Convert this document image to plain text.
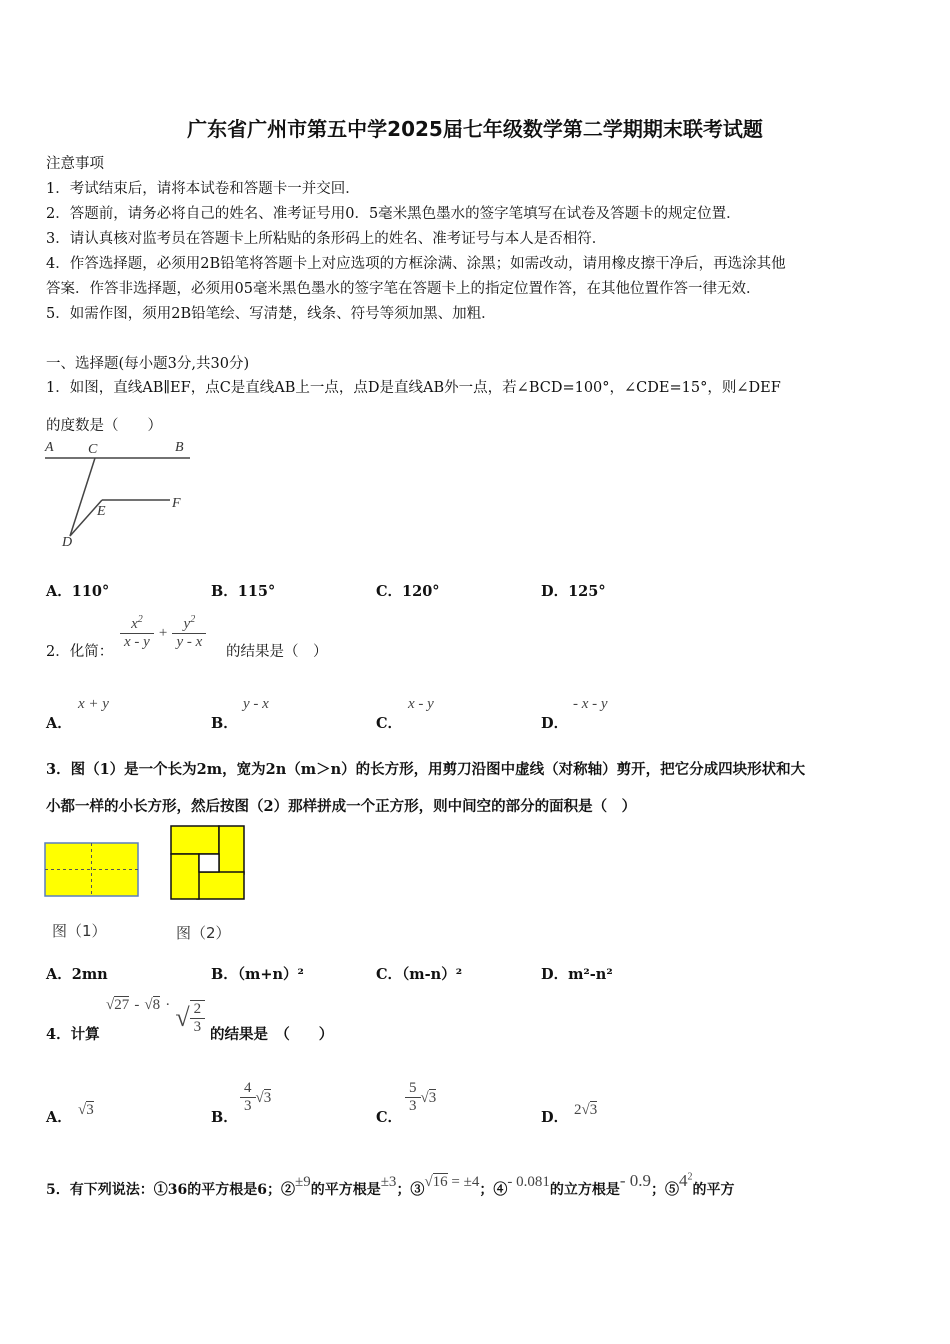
广东省广州市第五中学2025届七年级数学第二学期期末联考试题
注意事项
1．考试结束后，请将本试卷和答题卡一并交回．
2．答题前，请务必将自己的姓名、准考证号用0．5毫米黑色墨水的签字笔填写在试卷及答题卡的规定位置．
3．请认真核对监考员在答题卡上所粘贴的条形码上的姓名、准考证号与本人是否相符．
4．作答选择题，必须用2B铅笔将答题卡上对应选项的方框涂满、涂黑；如需改动，请用橡皮擦干净后，再选涂其他
答案．作答非选择题，必须用05毫米黑色墨水的签字笔在答题卡上的指定位置作答，在其他位置作答一律无效．
5．如需作图，须用2B铅笔绘、写清楚，线条、符号等须加黑、加粗．
一、选择题(每小题3分,共30分)
1．如图，直线AB∥EF，点C是直线AB上一点，点D是直线AB外一点，若∠BCD=100°，∠CDE=15°，则∠DEF
的度数是（　　）
A C	B
F
E
D
A．110°	B．115°	C．120°	D．125°
2．化简：
$\frac{x^2}{x - y} + \frac{y^2}{y - x}$
的结果是（　）
A．
x + y
B．
y - x
C．
x - y
D．
- x - y
3．图（1）是一个长为2m，宽为2n（m＞n）的长方形，用剪刀沿图中虚线（对称轴）剪开，把它分成四块形状和大
小都一样的小长方形，然后按图（2）那样拼成一个正方形，则中间空的部分的面积是（　）
图（1）	图（2）
A．2mn	B．（m+n）²	C．（m-n）²	D．m²-n²
4．计算
√27 - √8 · √ $\frac{2}{3}$ 的结果是　（　　）
A． √3	B．
$\frac{4}{3} √3$
C．
$\frac{5}{3} √3$
D． 2√3
5．有下列说法：①36的平方根是6；②±9的平方根是±3；③√16 = ±4；④- 0.081的立方根是- 0.9；$⑤4^2$的平方
